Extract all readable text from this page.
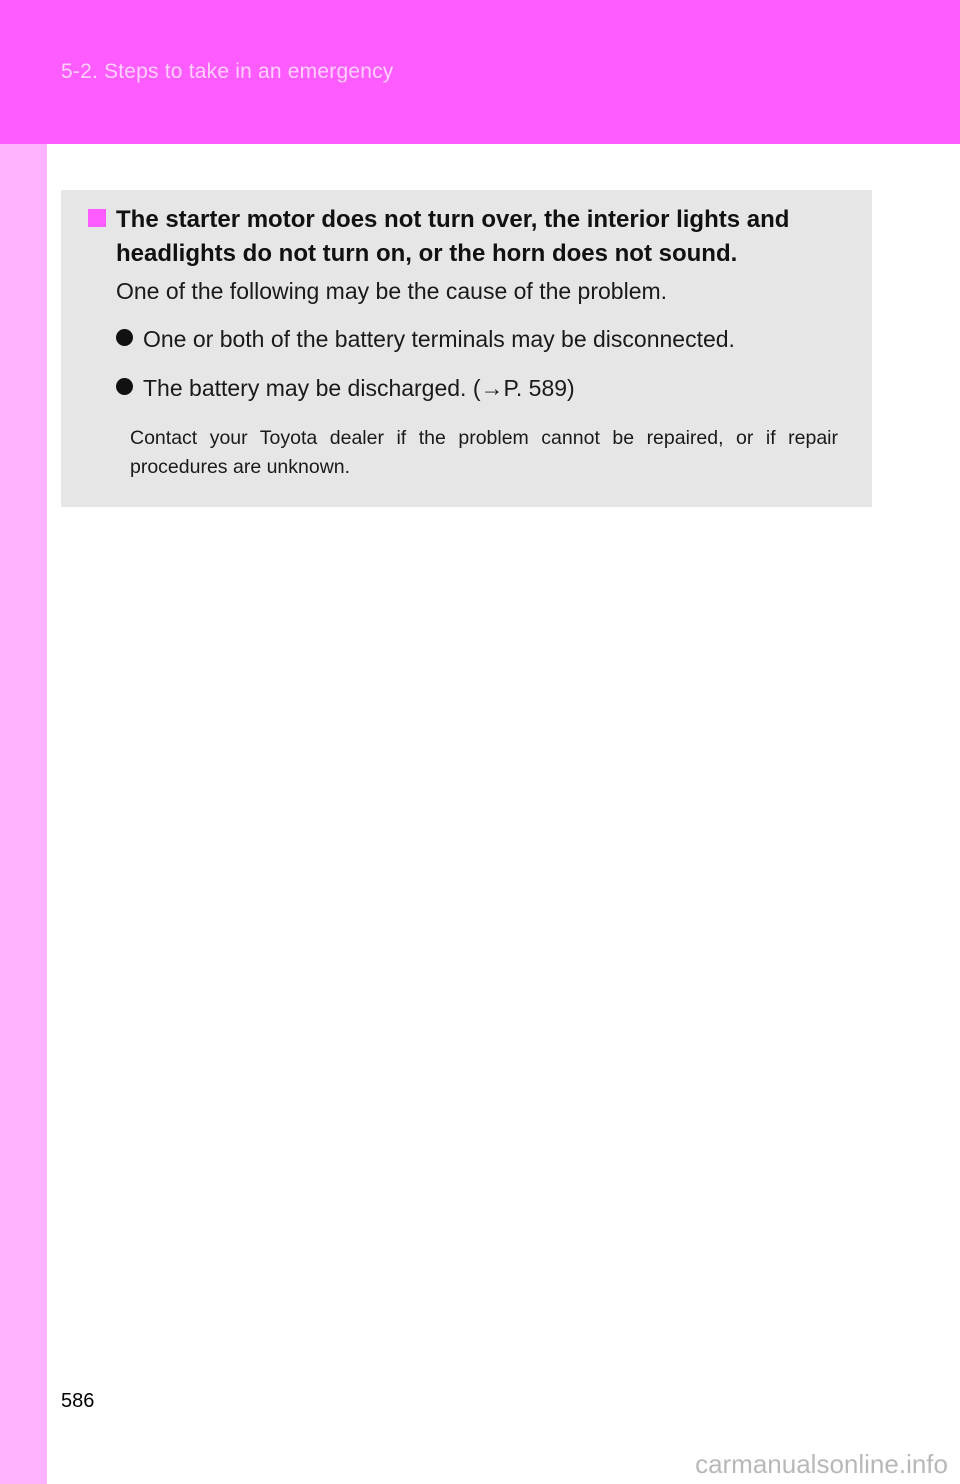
5-2. Steps to take in an emergency

The starter motor does not turn over, the interior lights and headlights do not turn on, or the horn does not sound.

One of the following may be the cause of the problem.
One or both of the battery terminals may be disconnected.
The battery may be discharged. (→P. 589)

Contact your Toyota dealer if the problem cannot be repaired, or if repair procedures are unknown.

586
carmanualsonline.info
